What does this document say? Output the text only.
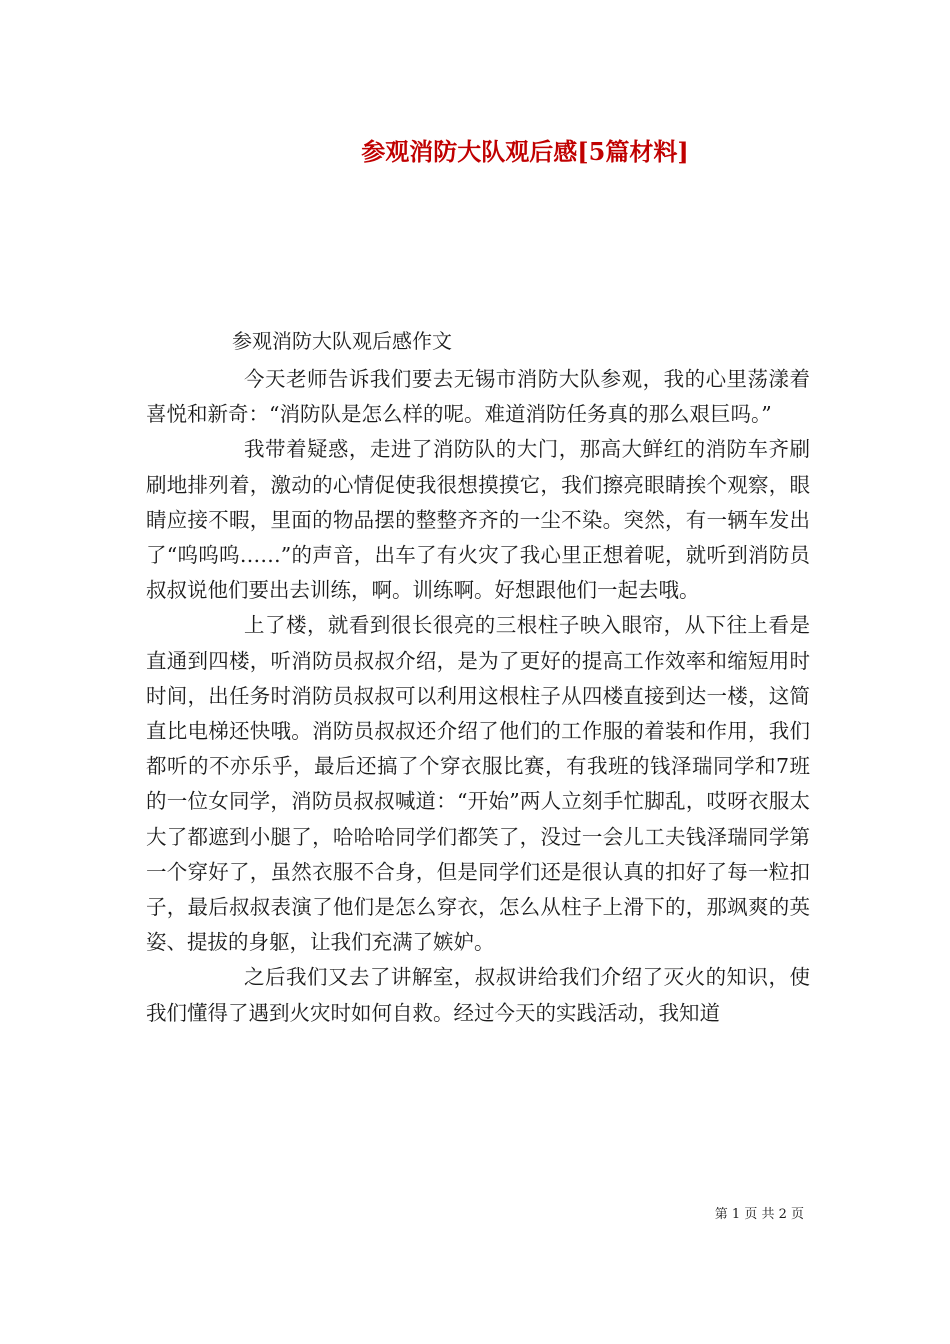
参观消防大队观后感[5篇材料]
参观消防大队观后感作文

今天老师告诉我们要去无锡市消防大队参观，我的心里荡漾着喜悦和新奇：“消防队是怎么样的呢。难道消防任务真的那么艰巨吗。”

我带着疑惑，走进了消防队的大门，那高大鲜红的消防车齐刷刷地排列着，激动的心情促使我很想摸摸它，我们擦亮眼睛挨个观察，眼睛应接不暇，里面的物品摆的整整齐齐的一尘不染。突然，有一辆车发出了“呜呜呜……”的声音，出车了有火灾了我心里正想着呢，就听到消防员叔叔说他们要出去训练，啊。训练啊。好想跟他们一起去哦。

上了楼，就看到很长很亮的三根柱子映入眼帘，从下往上看是直通到四楼，听消防员叔叔介绍，是为了更好的提高工作效率和缩短用时时间，出任务时消防员叔叔可以利用这根柱子从四楼直接到达一楼，这简直比电梯还快哦。消防员叔叔还介绍了他们的工作服的着装和作用，我们都听的不亦乐乎，最后还搞了个穿衣服比赛，有我班的钱泽瑞同学和7班的一位女同学，消防员叔叔喊道：“开始”两人立刻手忙脚乱，哎呀衣服太大了都遮到小腿了，哈哈哈同学们都笑了，没过一会儿工夫钱泽瑞同学第一个穿好了，虽然衣服不合身，但是同学们还是很认真的扣好了每一粒扣子，最后叔叔表演了他们是怎么穿衣，怎么从柱子上滑下的，那飒爽的英姿、提拔的身躯，让我们充满了嫉妒。

之后我们又去了讲解室，叔叔讲给我们介绍了灭火的知识，使我们懂得了遇到火灾时如何自救。经过今天的实践活动，我知道

第 1 页 共 2 页
